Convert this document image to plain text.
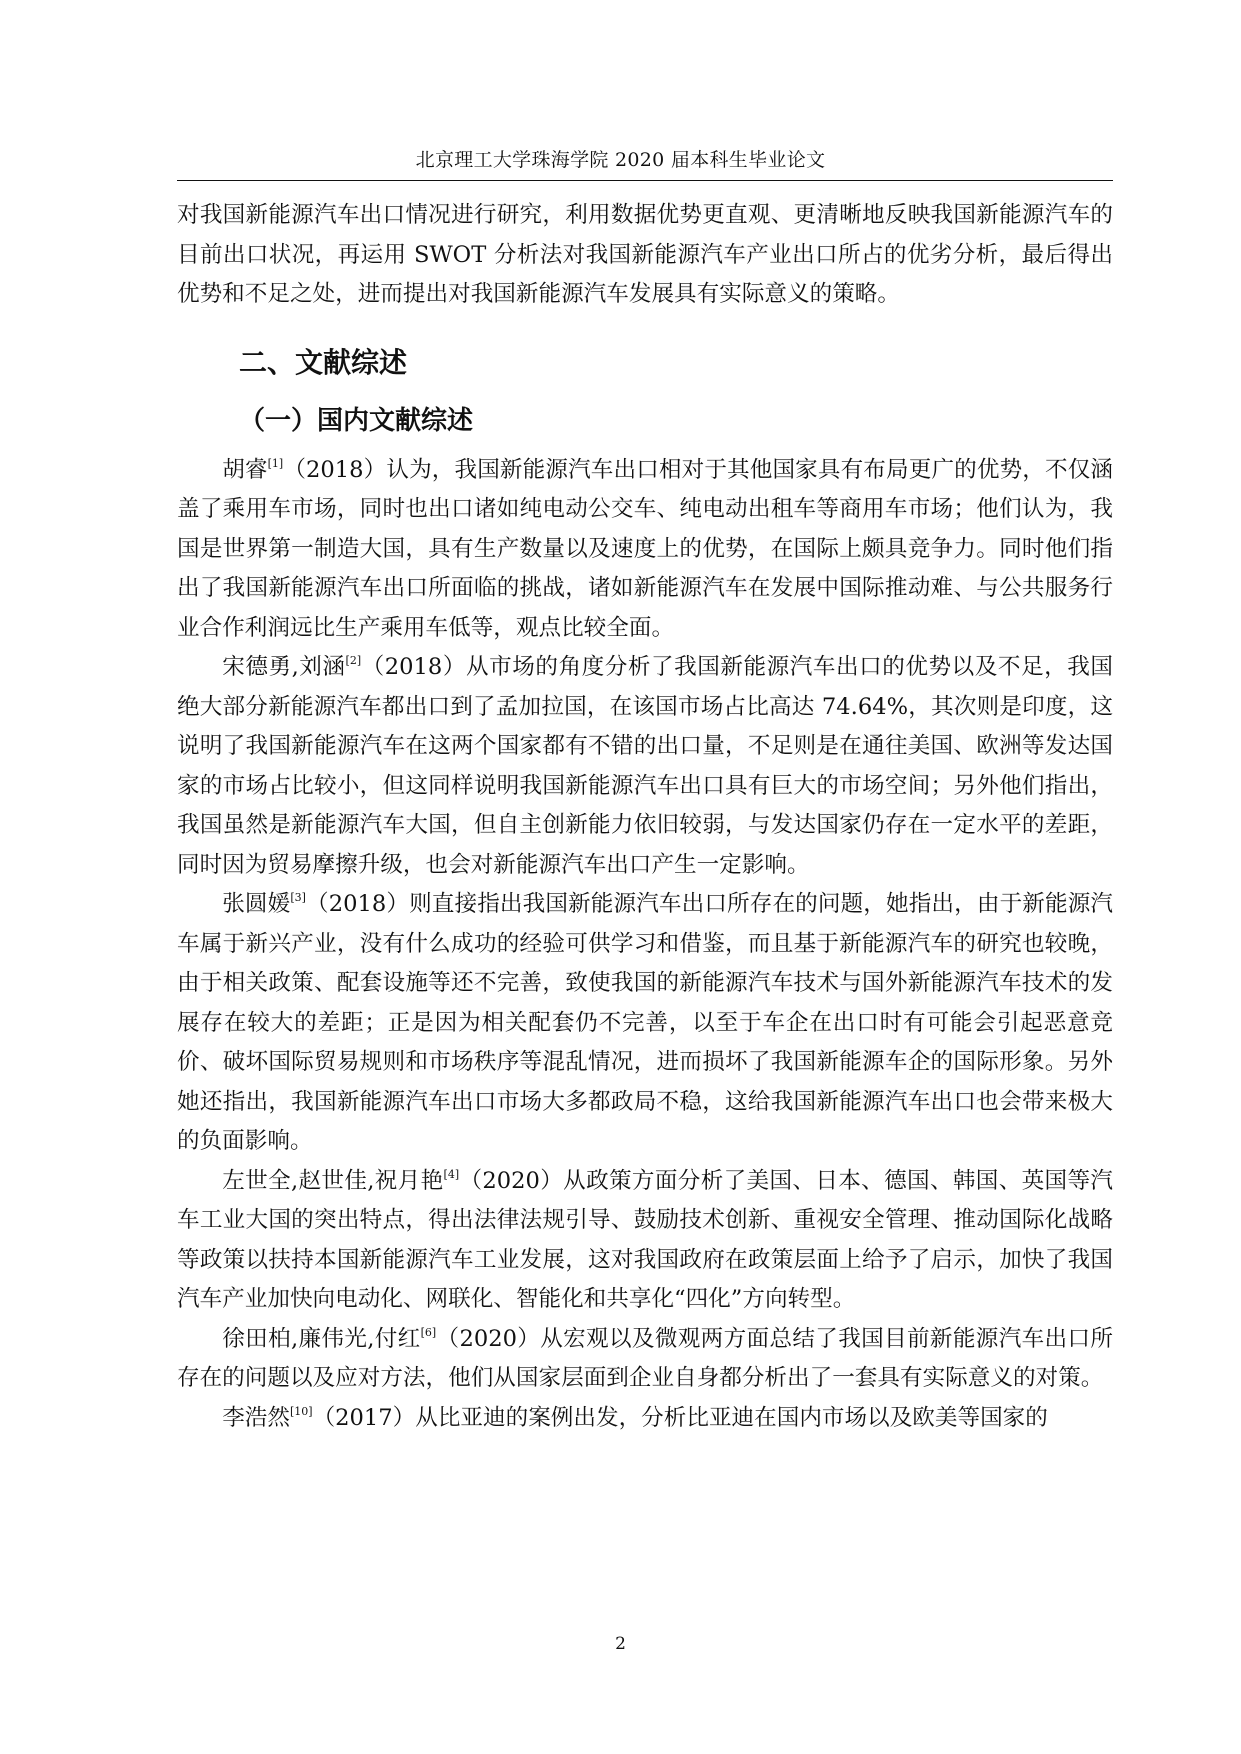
北京理工大学珠海学院 2020 届本科生毕业论文

对我国新能源汽车出口情况进行研究，利用数据优势更直观、更清晰地反映我国新能源汽车的目前出口状况，再运用 SWOT 分析法对我国新能源汽车产业出口所占的优劣分析，最后得出优势和不足之处，进而提出对我国新能源汽车发展具有实际意义的策略。

二、文献综述
（一）国内文献综述

胡睿[1]（2018）认为，我国新能源汽车出口相对于其他国家具有布局更广的优势，不仅涵盖了乘用车市场，同时也出口诸如纯电动公交车、纯电动出租车等商用车市场；他们认为，我国是世界第一制造大国，具有生产数量以及速度上的优势，在国际上颇具竞争力。同时他们指出了我国新能源汽车出口所面临的挑战，诸如新能源汽车在发展中国际推动难、与公共服务行业合作利润远比生产乘用车低等，观点比较全面。

宋德勇,刘涵[2]（2018）从市场的角度分析了我国新能源汽车出口的优势以及不足，我国绝大部分新能源汽车都出口到了孟加拉国，在该国市场占比高达 74.64%，其次则是印度，这说明了我国新能源汽车在这两个国家都有不错的出口量，不足则是在通往美国、欧洲等发达国家的市场占比较小，但这同样说明我国新能源汽车出口具有巨大的市场空间；另外他们指出，我国虽然是新能源汽车大国，但自主创新能力依旧较弱，与发达国家仍存在一定水平的差距，同时因为贸易摩擦升级，也会对新能源汽车出口产生一定影响。

张圆媛[3]（2018）则直接指出我国新能源汽车出口所存在的问题，她指出，由于新能源汽车属于新兴产业，没有什么成功的经验可供学习和借鉴，而且基于新能源汽车的研究也较晚，由于相关政策、配套设施等还不完善，致使我国的新能源汽车技术与国外新能源汽车技术的发展存在较大的差距；正是因为相关配套仍不完善，以至于车企在出口时有可能会引起恶意竞价、破坏国际贸易规则和市场秩序等混乱情况，进而损坏了我国新能源车企的国际形象。另外她还指出，我国新能源汽车出口市场大多都政局不稳，这给我国新能源汽车出口也会带来极大的负面影响。

左世全,赵世佳,祝月艳[4]（2020）从政策方面分析了美国、日本、德国、韩国、英国等汽车工业大国的突出特点，得出法律法规引导、鼓励技术创新、重视安全管理、推动国际化战略等政策以扶持本国新能源汽车工业发展，这对我国政府在政策层面上给予了启示，加快了我国汽车产业加快向电动化、网联化、智能化和共享化“四化”方向转型。

徐田柏,廉伟光,付红[6]（2020）从宏观以及微观两方面总结了我国目前新能源汽车出口所存在的问题以及应对方法，他们从国家层面到企业自身都分析出了一套具有实际意义的对策。

李浩然[10]（2017）从比亚迪的案例出发，分析比亚迪在国内市场以及欧美等国家的

2
